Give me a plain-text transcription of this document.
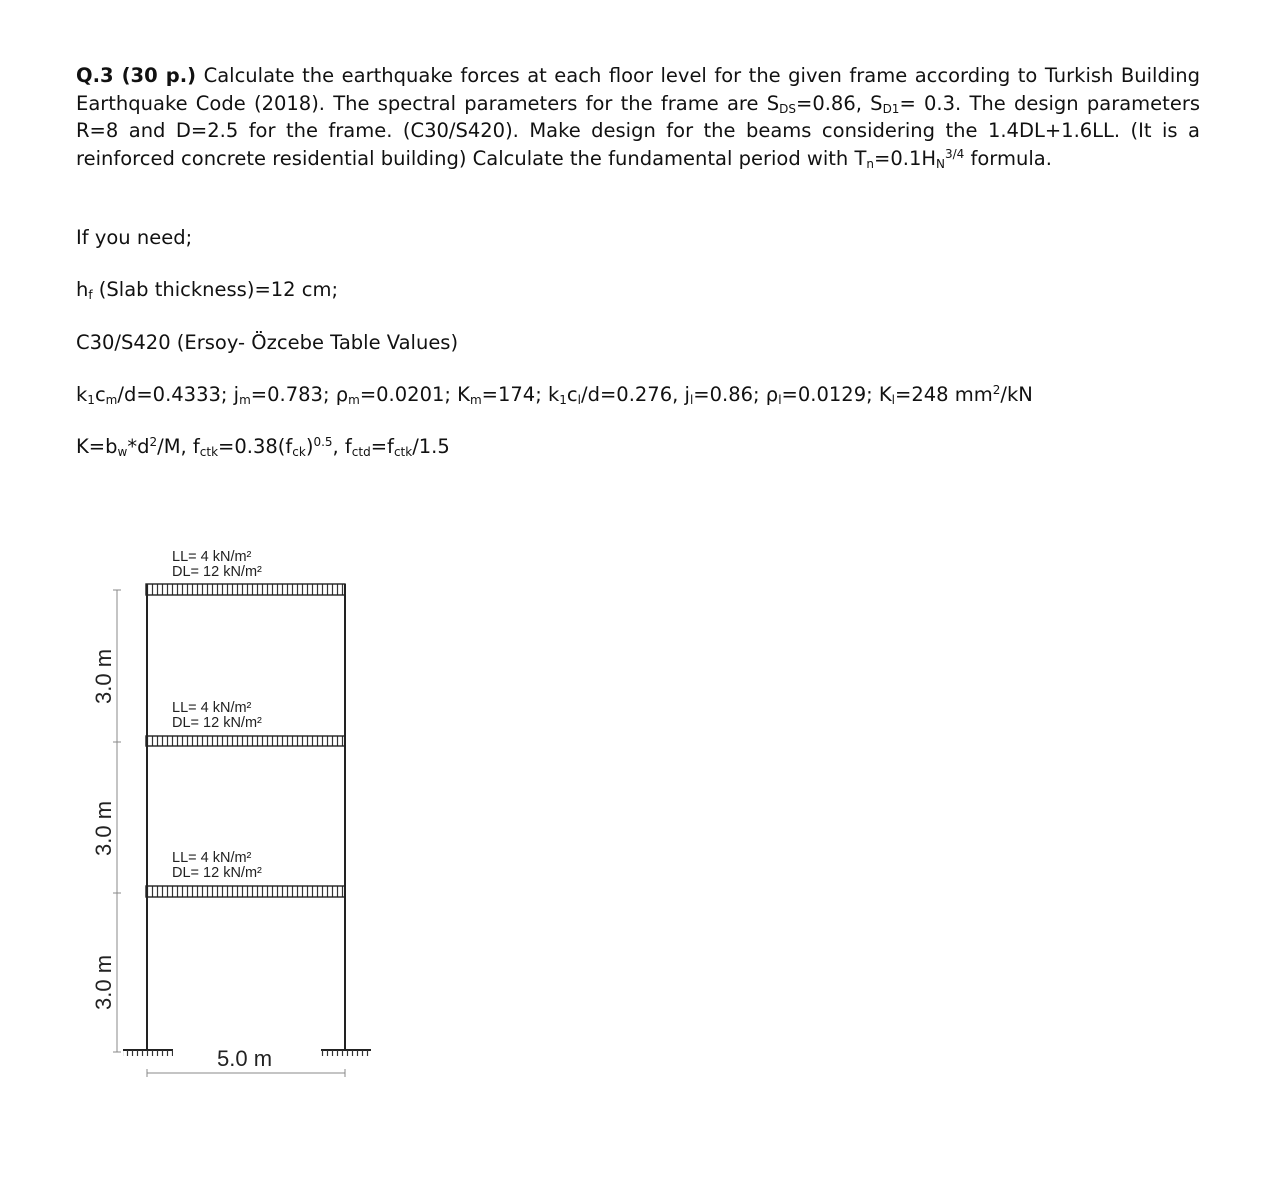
Q.3 (30 p.) Calculate the earthquake forces at each floor level for the given frame according to Turkish Building Earthquake Code (2018). The spectral parameters for the frame are $S_{DS}=0.86$, $S_{D1}= 0.3$. The design parameters R=8 and D=2.5 for the frame. (C30/S420). Make design for the beams considering the 1.4DL+1.6LL. (It is a reinforced concrete residential building) Calculate the fundamental period with $T_n=0.1H_N^{3/4}$ formula.
If you need;
$h_f$ (Slab thickness)=12 cm;
C30/S420 (Ersoy- Özcebe Table Values)
$k_1c_m/d=0.4333$; $j_m=0.783$; $\rho_m=0.0201$; $K_m=174$; $k_1c_l/d=0.276$, $j_l=0.86$; $\rho_l=0.0129$; $K_l=248$ $mm^2/kN$
$K=b_w*d^2/M$, $f_{ctk}=0.38(f_{ck})^{0.5}$, $f_{ctd}=f_{ctk}/1.5$
LL= 4 kN/m²
DL= 12 kN/m²
LL= 4 kN/m²
DL= 12 kN/m²
LL= 4 kN/m²
DL= 12 kN/m²
3.0 m
3.0 m
3.0 m
5.0 m
